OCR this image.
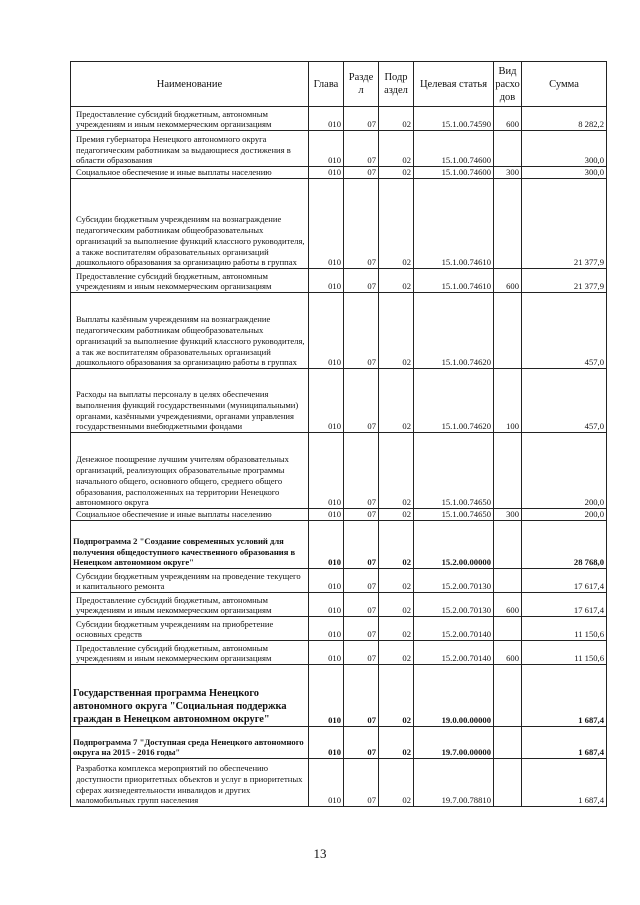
Наименование	Глава	Разде л	Подр аздел	Целевая статья	Вид расхо дов	Сумма
Предоставление субсидий бюджетным, автономным учреждениям и иным некоммерческим организациям	010	07	02	15.1.00.74590	600	8 282,2
Премия губернатора Ненецкого автономного округа педагогическим работникам за выдающиеся достижения в области образования	010	07	02	15.1.00.74600		300,0
Социальное обеспечение и иные выплаты населению	010	07	02	15.1.00.74600	300	300,0
Субсидии бюджетным учреждениям на вознаграждение педагогическим работникам общеобразовательных организаций за выполнение функций классного руководителя, а также воспитателям образовательных организаций дошкольного образования за организацию работы в группах	010	07	02	15.1.00.74610		21 377,9
Предоставление субсидий бюджетным, автономным учреждениям и иным некоммерческим организациям	010	07	02	15.1.00.74610	600	21 377,9
Выплаты казённым учреждениям на вознаграждение педагогическим работникам общеобразовательных организаций за выполнение функций классного руководителя, а так же воспитателям образовательных организаций дошкольного образования за организацию работы в группах	010	07	02	15.1.00.74620		457,0
Расходы на выплаты персоналу в целях обеспечения выполнения функций государственными (муниципальными) органами, казёнными учреждениями, органами управления государственными внебюджетными фондами	010	07	02	15.1.00.74620	100	457,0
Денежное поощрение лучшим учителям образовательных организаций, реализующих образовательные программы начального общего, основного общего, среднего общего образования, расположенных на территории Ненецкого автономного округа	010	07	02	15.1.00.74650		200,0
Социальное обеспечение и иные выплаты населению	010	07	02	15.1.00.74650	300	200,0
Подпрограмма 2 "Создание современных условий для получения общедоступного качественного образования в Ненецком автономном округе"	010	07	02	15.2.00.00000		28 768,0
Субсидии бюджетным учреждениям на проведение текущего и капитального ремонта	010	07	02	15.2.00.70130		17 617,4
Предоставление субсидий бюджетным, автономным учреждениям и иным некоммерческим организациям	010	07	02	15.2.00.70130	600	17 617,4
Субсидии бюджетным учреждениям на приобретение основных средств	010	07	02	15.2.00.70140		11 150,6
Предоставление субсидий бюджетным, автономным учреждениям и иным некоммерческим организациям	010	07	02	15.2.00.70140	600	11 150,6
Государственная программа Ненецкого автономного округа "Социальная поддержка граждан в Ненецком автономном округе"	010	07	02	19.0.00.00000		1 687,4
Подпрограмма 7 "Доступная среда Ненецкого автономного округа на 2015 - 2016 годы"	010	07	02	19.7.00.00000		1 687,4
Разработка комплекса мероприятий по обеспечению доступности приоритетных объектов и услуг в приоритетных сферах жизнедеятельности инвалидов и других маломобильных групп населения	010	07	02	19.7.00.78810		1 687,4
13
